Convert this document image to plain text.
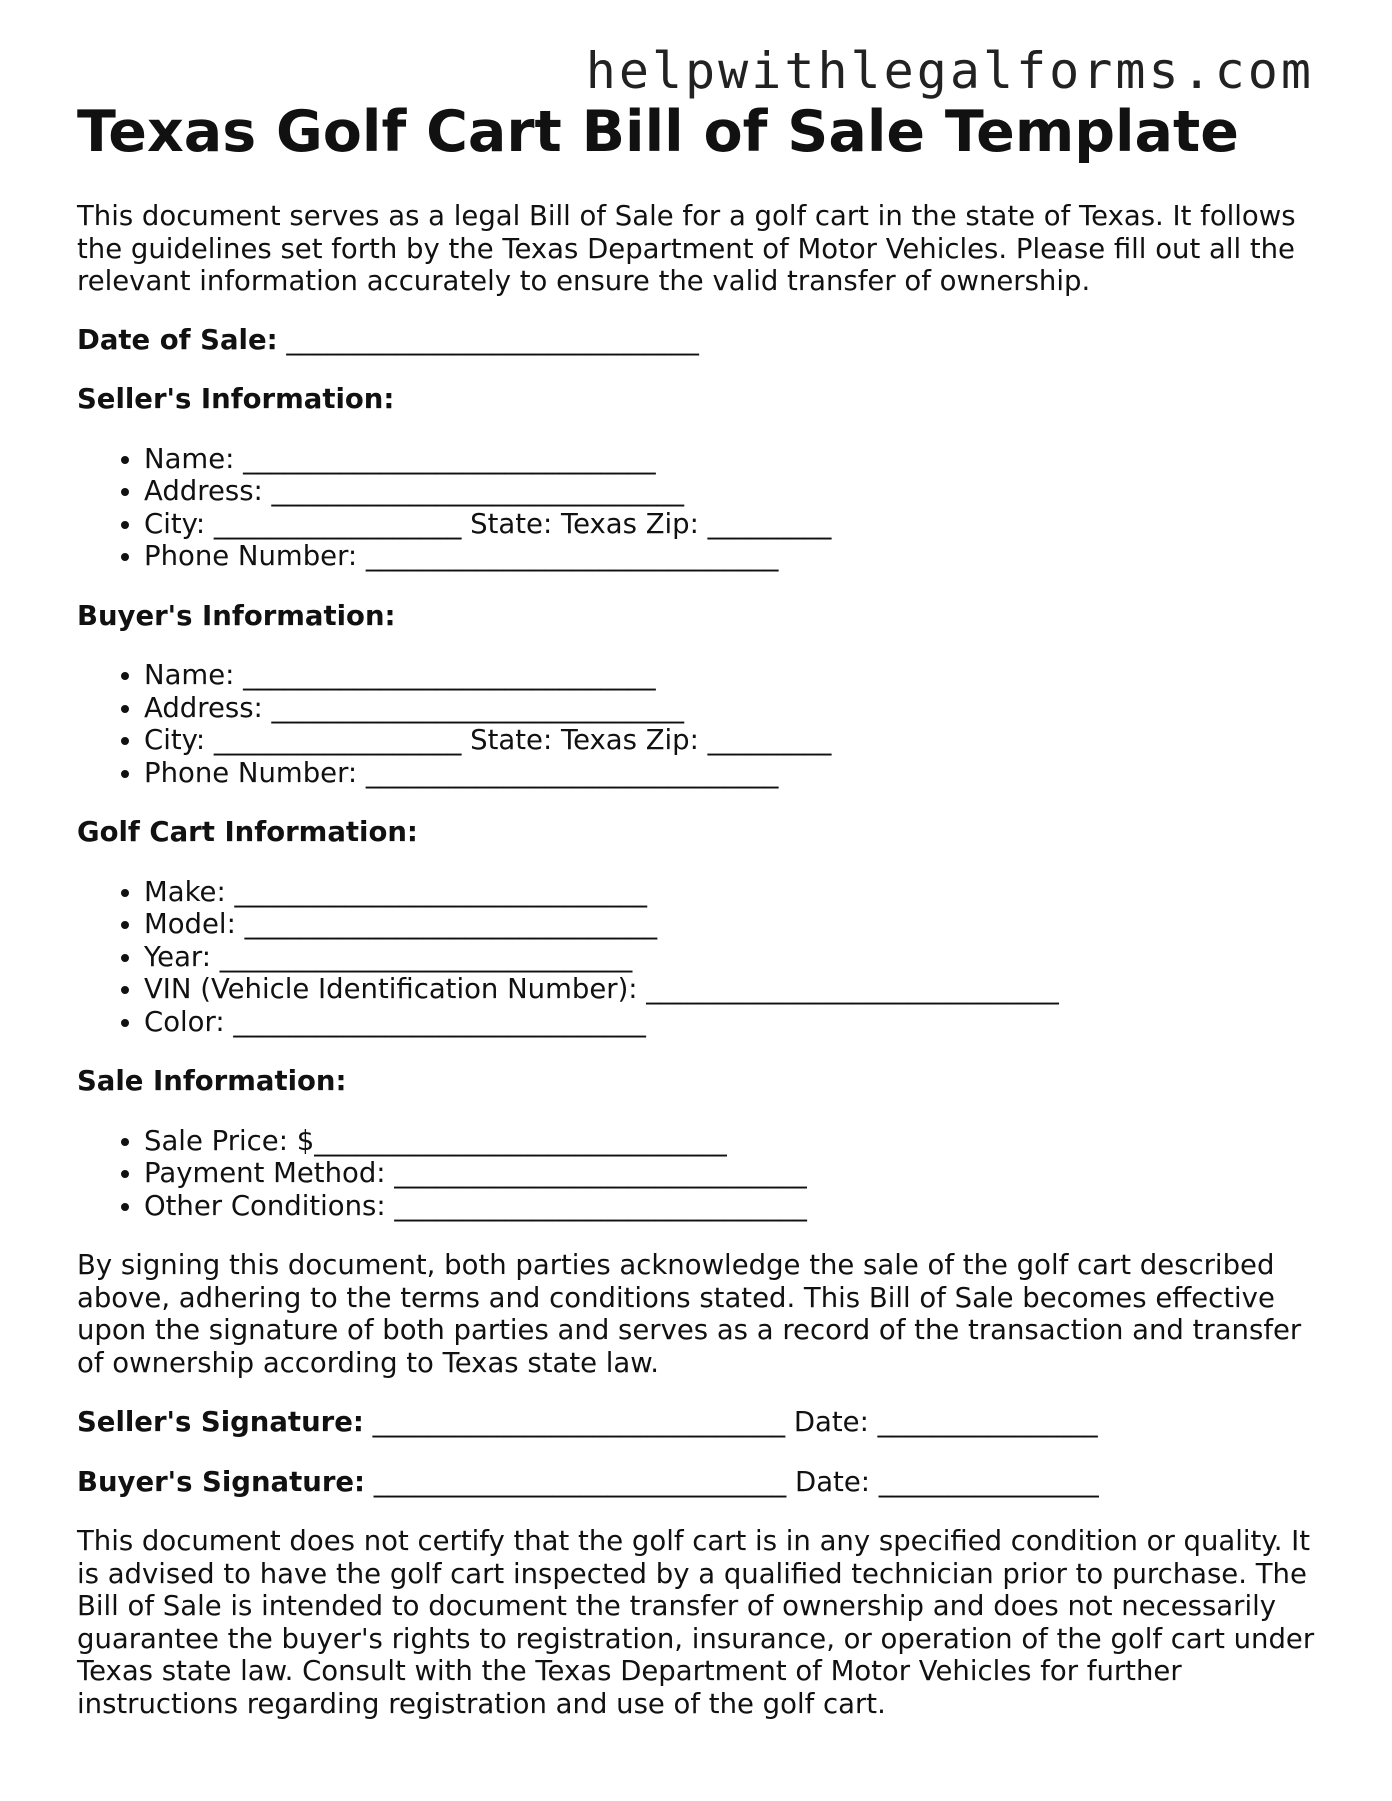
helpwithlegalforms.com
Texas Golf Cart Bill of Sale Template

This document serves as a legal Bill of Sale for a golf cart in the state of Texas. It follows the guidelines set forth by the Texas Department of Motor Vehicles. Please fill out all the relevant information accurately to ensure the valid transfer of ownership.

Date of Sale: ______________________________
Seller's Information:
• Name: ______________________________
• Address: ______________________________
• City: __________________ State: Texas Zip: _________
• Phone Number: ______________________________
Buyer's Information:
• Name: ______________________________
• Address: ______________________________
• City: __________________ State: Texas Zip: _________
• Phone Number: ______________________________
Golf Cart Information:
• Make: ______________________________
• Model: ______________________________
• Year: ______________________________
• VIN (Vehicle Identification Number): ______________________________
• Color: ______________________________
Sale Information:
• Sale Price: $______________________________
• Payment Method: ______________________________
• Other Conditions: ______________________________

By signing this document, both parties acknowledge the sale of the golf cart described above, adhering to the terms and conditions stated. This Bill of Sale becomes effective upon the signature of both parties and serves as a record of the transaction and transfer of ownership according to Texas state law.

Seller's Signature: ______________________________ Date: ________________
Buyer's Signature: ______________________________ Date: ________________

This document does not certify that the golf cart is in any specified condition or quality. It is advised to have the golf cart inspected by a qualified technician prior to purchase. The Bill of Sale is intended to document the transfer of ownership and does not necessarily guarantee the buyer's rights to registration, insurance, or operation of the golf cart under Texas state law. Consult with the Texas Department of Motor Vehicles for further instructions regarding registration and use of the golf cart.
